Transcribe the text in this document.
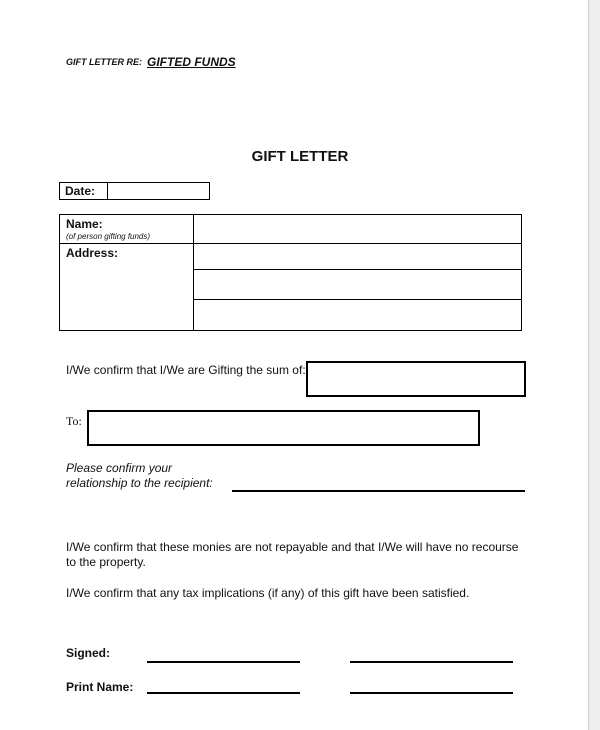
GIFT LETTER RE: GIFTED FUNDS
GIFT LETTER
Date:
Name:
(of person gifting funds)
Address:
I/We confirm that I/We are Gifting the sum of:
To:
Please confirm your
relationship to the recipient:
I/We confirm that these monies are not repayable and that I/We will have no recourse to the property.
I/We confirm that any tax implications (if any) of this gift have been satisfied.
Signed:
Print Name:
